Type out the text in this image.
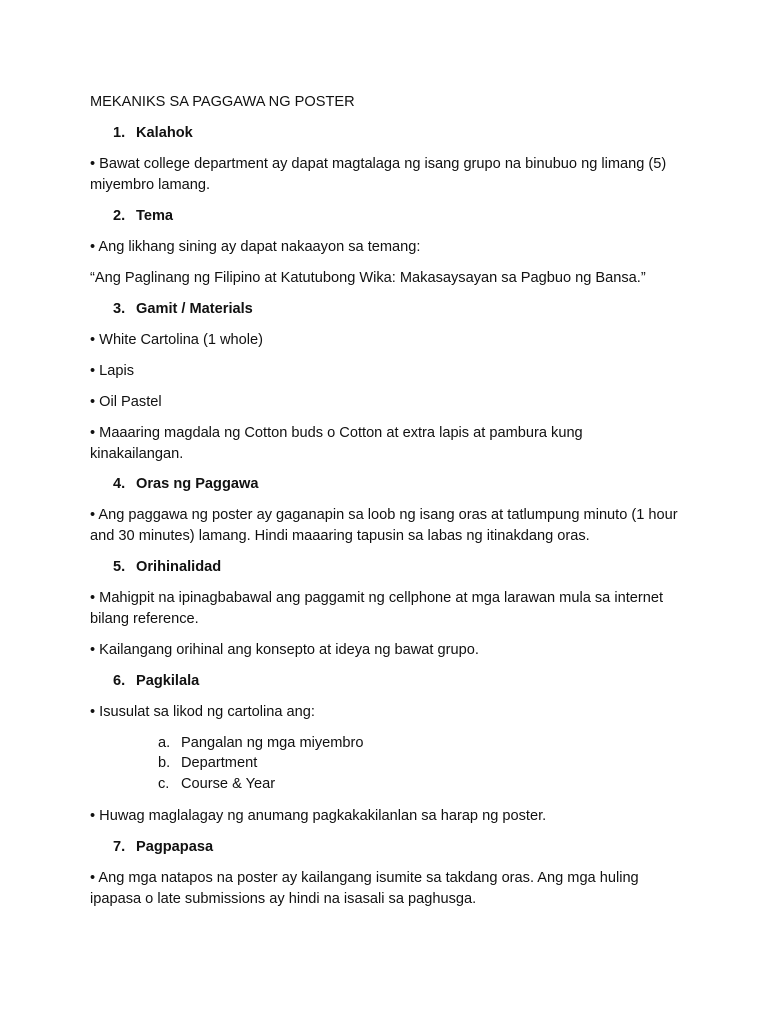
MEKANIKS SA PAGGAWA NG POSTER

1. Kalahok

• Bawat college department ay dapat magtalaga ng isang grupo na binubuo ng limang (5) miyembro lamang.

2. Tema

• Ang likhang sining ay dapat nakaayon sa temang:

“Ang Paglinang ng Filipino at Katutubong Wika: Makasaysayan sa Pagbuo ng Bansa.”

3. Gamit / Materials

• White Cartolina (1 whole)

• Lapis

• Oil Pastel

• Maaaring magdala ng Cotton buds o Cotton at extra lapis at pambura kung kinakailangan.

4. Oras ng Paggawa

• Ang paggawa ng poster ay gaganapin sa loob ng isang oras at tatlumpung minuto (1 hour and 30 minutes) lamang. Hindi maaaring tapusin sa labas ng itinakdang oras.

5. Orihinalidad

• Mahigpit na ipinagbabawal ang paggamit ng cellphone at mga larawan mula sa internet bilang reference.

• Kailangang orihinal ang konsepto at ideya ng bawat grupo.

6. Pagkilala

• Isusulat sa likod ng cartolina ang:

a. Pangalan ng mga miyembro

b. Department

c. Course & Year

• Huwag maglalagay ng anumang pagkakakilanlan sa harap ng poster.

7. Pagpapasa

• Ang mga natapos na poster ay kailangang isumite sa takdang oras. Ang mga huling ipapasa o late submissions ay hindi na isasali sa paghusga.
